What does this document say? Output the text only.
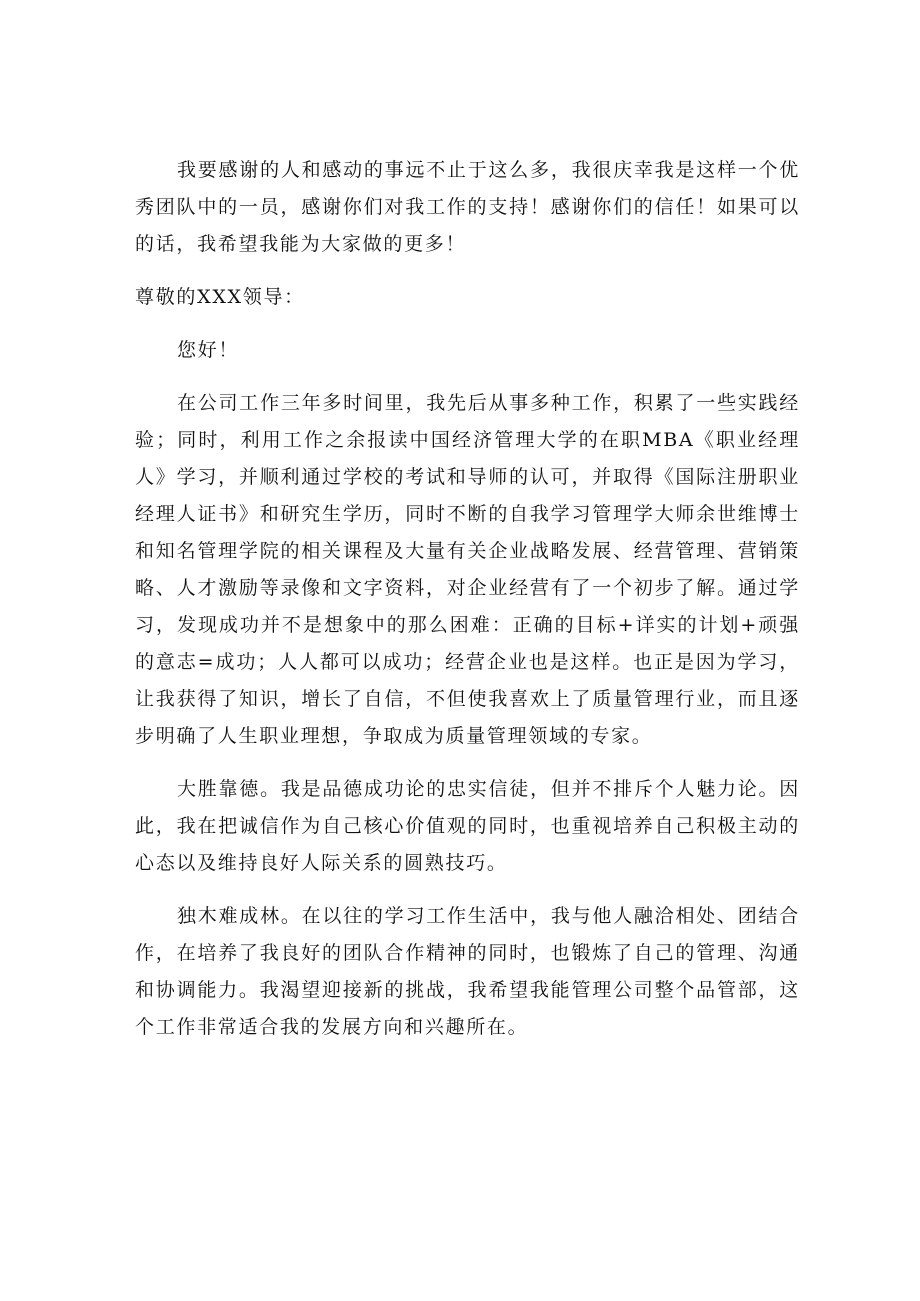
我要感谢的人和感动的事远不止于这么多，我很庆幸我是这样一个优秀团队中的一员，感谢你们对我工作的支持！感谢你们的信任！如果可以的话，我希望我能为大家做的更多！

尊敬的XXX领导：

您好！

在公司工作三年多时间里，我先后从事多种工作，积累了一些实践经验；同时，利用工作之余报读中国经济管理大学的在职MBA《职业经理人》学习，并顺利通过学校的考试和导师的认可，并取得《国际注册职业经理人证书》和研究生学历，同时不断的自我学习管理学大师余世维博士和知名管理学院的相关课程及大量有关企业战略发展、经营管理、营销策略、人才激励等录像和文字资料，对企业经营有了一个初步了解。通过学习，发现成功并不是想象中的那么困难：正确的目标+详实的计划+顽强的意志=成功；人人都可以成功；经营企业也是这样。也正是因为学习，让我获得了知识，增长了自信，不但使我喜欢上了质量管理行业，而且逐步明确了人生职业理想，争取成为质量管理领域的专家。

大胜靠德。我是品德成功论的忠实信徒，但并不排斥个人魅力论。因此，我在把诚信作为自己核心价值观的同时，也重视培养自己积极主动的心态以及维持良好人际关系的圆熟技巧。

独木难成林。在以往的学习工作生活中，我与他人融洽相处、团结合作，在培养了我良好的团队合作精神的同时，也锻炼了自己的管理、沟通和协调能力。我渴望迎接新的挑战，我希望我能管理公司整个品管部，这个工作非常适合我的发展方向和兴趣所在。
